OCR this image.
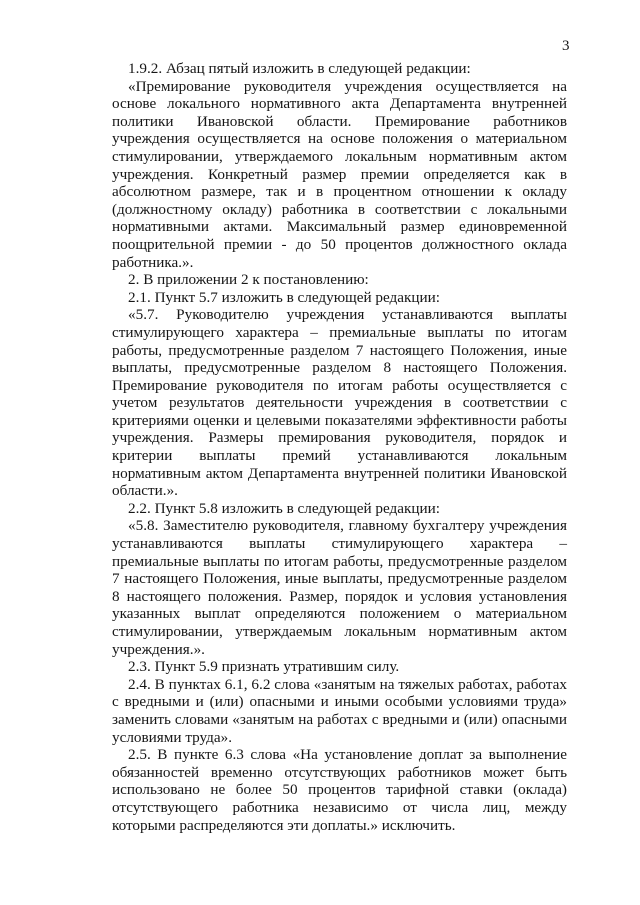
3

1.9.2. Абзац пятый изложить в следующей редакции:

«Премирование руководителя учреждения осуществляется на основе локального нормативного акта Департамента внутренней политики Ивановской области. Премирование работников учреждения осуществляется на основе положения о материальном стимулировании, утверждаемого локальным нормативным актом учреждения. Конкретный размер премии определяется как в абсолютном размере, так и в процентном отношении к окладу (должностному окладу) работника в соответствии с локальными нормативными актами. Максимальный размер единовременной поощрительной премии - до 50 процентов должностного оклада работника.».

2. В приложении 2 к постановлению:

2.1. Пункт 5.7 изложить в следующей редакции:

«5.7. Руководителю учреждения устанавливаются выплаты стимулирующего характера – премиальные выплаты по итогам работы, предусмотренные разделом 7 настоящего Положения, иные выплаты, предусмотренные разделом 8 настоящего Положения. Премирование руководителя по итогам работы осуществляется с учетом результатов деятельности учреждения в соответствии с критериями оценки и целевыми показателями эффективности работы учреждения. Размеры премирования руководителя, порядок и критерии выплаты премий устанавливаются локальным нормативным актом Департамента внутренней политики Ивановской области.».

2.2. Пункт 5.8 изложить в следующей редакции:

«5.8. Заместителю руководителя, главному бухгалтеру учреждения устанавливаются выплаты стимулирующего характера – премиальные выплаты по итогам работы, предусмотренные разделом 7 настоящего Положения, иные выплаты, предусмотренные разделом 8 настоящего положения. Размер, порядок и условия установления указанных выплат определяются положением о материальном стимулировании, утверждаемым локальным нормативным актом учреждения.».

2.3. Пункт 5.9 признать утратившим силу.

2.4. В пунктах 6.1, 6.2 слова «занятым на тяжелых работах, работах с вредными и (или) опасными и иными особыми условиями труда» заменить словами «занятым на работах с вредными и (или) опасными условиями труда».

2.5. В пункте 6.3 слова «На установление доплат за выполнение обязанностей временно отсутствующих работников может быть использовано не более 50 процентов тарифной ставки (оклада) отсутствующего работника независимо от числа лиц, между которыми распределяются эти доплаты.» исключить.
